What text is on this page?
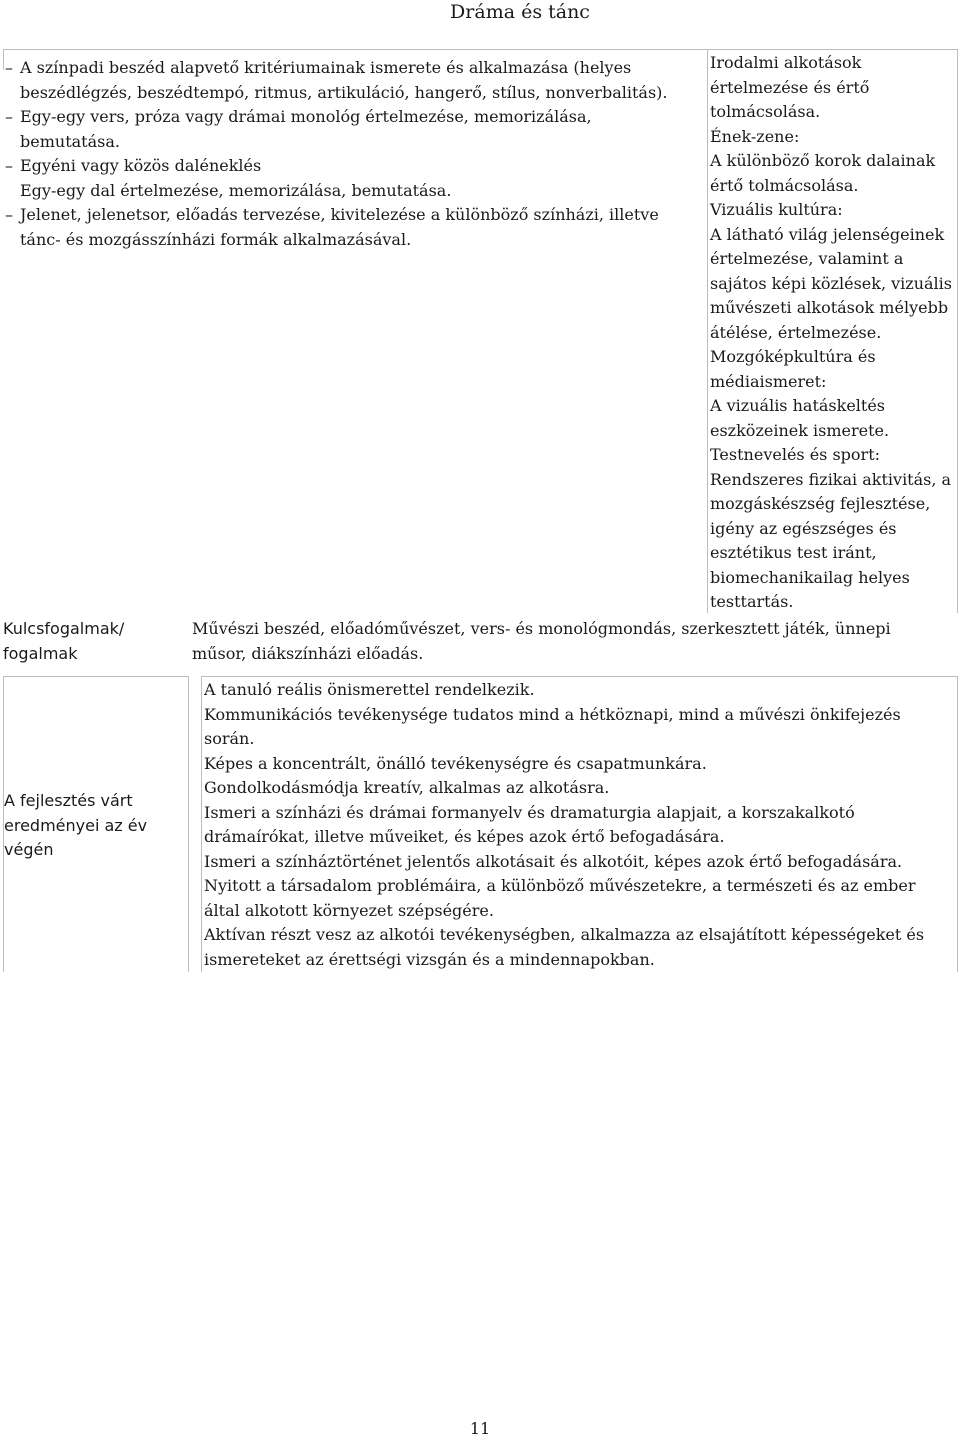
Dráma és tánc
– A színpadi beszéd alapvető kritériumainak ismerete és alkalmazása (helyes beszédlégzés, beszédtempó, ritmus, artikuláció, hangerő, stílus, nonverbalitás).
– Egy-egy vers, próza vagy drámai monológ értelmezése, memorizálása, bemutatása.
– Egyéni vagy közös daléneklés
Egy-egy dal értelmezése, memorizálása, bemutatása.
– Jelenet, jelenetsor, előadás tervezése, kivitelezése a különböző színházi, illetve tánc- és mozgásszínházi formák alkalmazásával.
Irodalmi alkotások
értelmezése és értő
tolmácsolása.
Ének-zene:
A különböző korok dalainak
értő tolmácsolása.
Vizuális kultúra:
A látható világ jelenségeinek
értelmezése, valamint a
sajátos képi közlések, vizuális
művészeti alkotások mélyebb
átélése, értelmezése.
Mozgóképkultúra és
médiaismeret:
A vizuális hatáskeltés
eszközeinek ismerete.
Testnevelés és sport:
Rendszeres fizikai aktivitás, a
mozgáskészség fejlesztése,
igény az egészséges és
esztétikus test iránt,
biomechanikailag helyes
testtartás.
Kulcsfogalmak/ fogalmak
Művészi beszéd, előadóművészet, vers- és monológmondás, szerkesztett játék, ünnepi műsor, diákszínházi előadás.
A fejlesztés várt eredményei az év végén
A tanuló reális önismerettel rendelkezik.
Kommunikációs tevékenysége tudatos mind a hétköznapi, mind a művészi önkifejezés során.
Képes a koncentrált, önálló tevékenységre és csapatmunkára.
Gondolkodásmódja kreatív, alkalmas az alkotásra.
Ismeri a színházi és drámai formanyelv és dramaturgia alapjait, a korszakalkotó drámaírókat, illetve műveiket, és képes azok értő befogadására.
Ismeri a színháztörténet jelentős alkotásait és alkotóit, képes azok értő befogadására.
Nyitott a társadalom problémáira, a különböző művészetekre, a természeti és az ember által alkotott környezet szépségére.
Aktívan részt vesz az alkotói tevékenységben, alkalmazza az elsajátított képességeket és ismereteket az érettségi vizsgán és a mindennapokban.
11
